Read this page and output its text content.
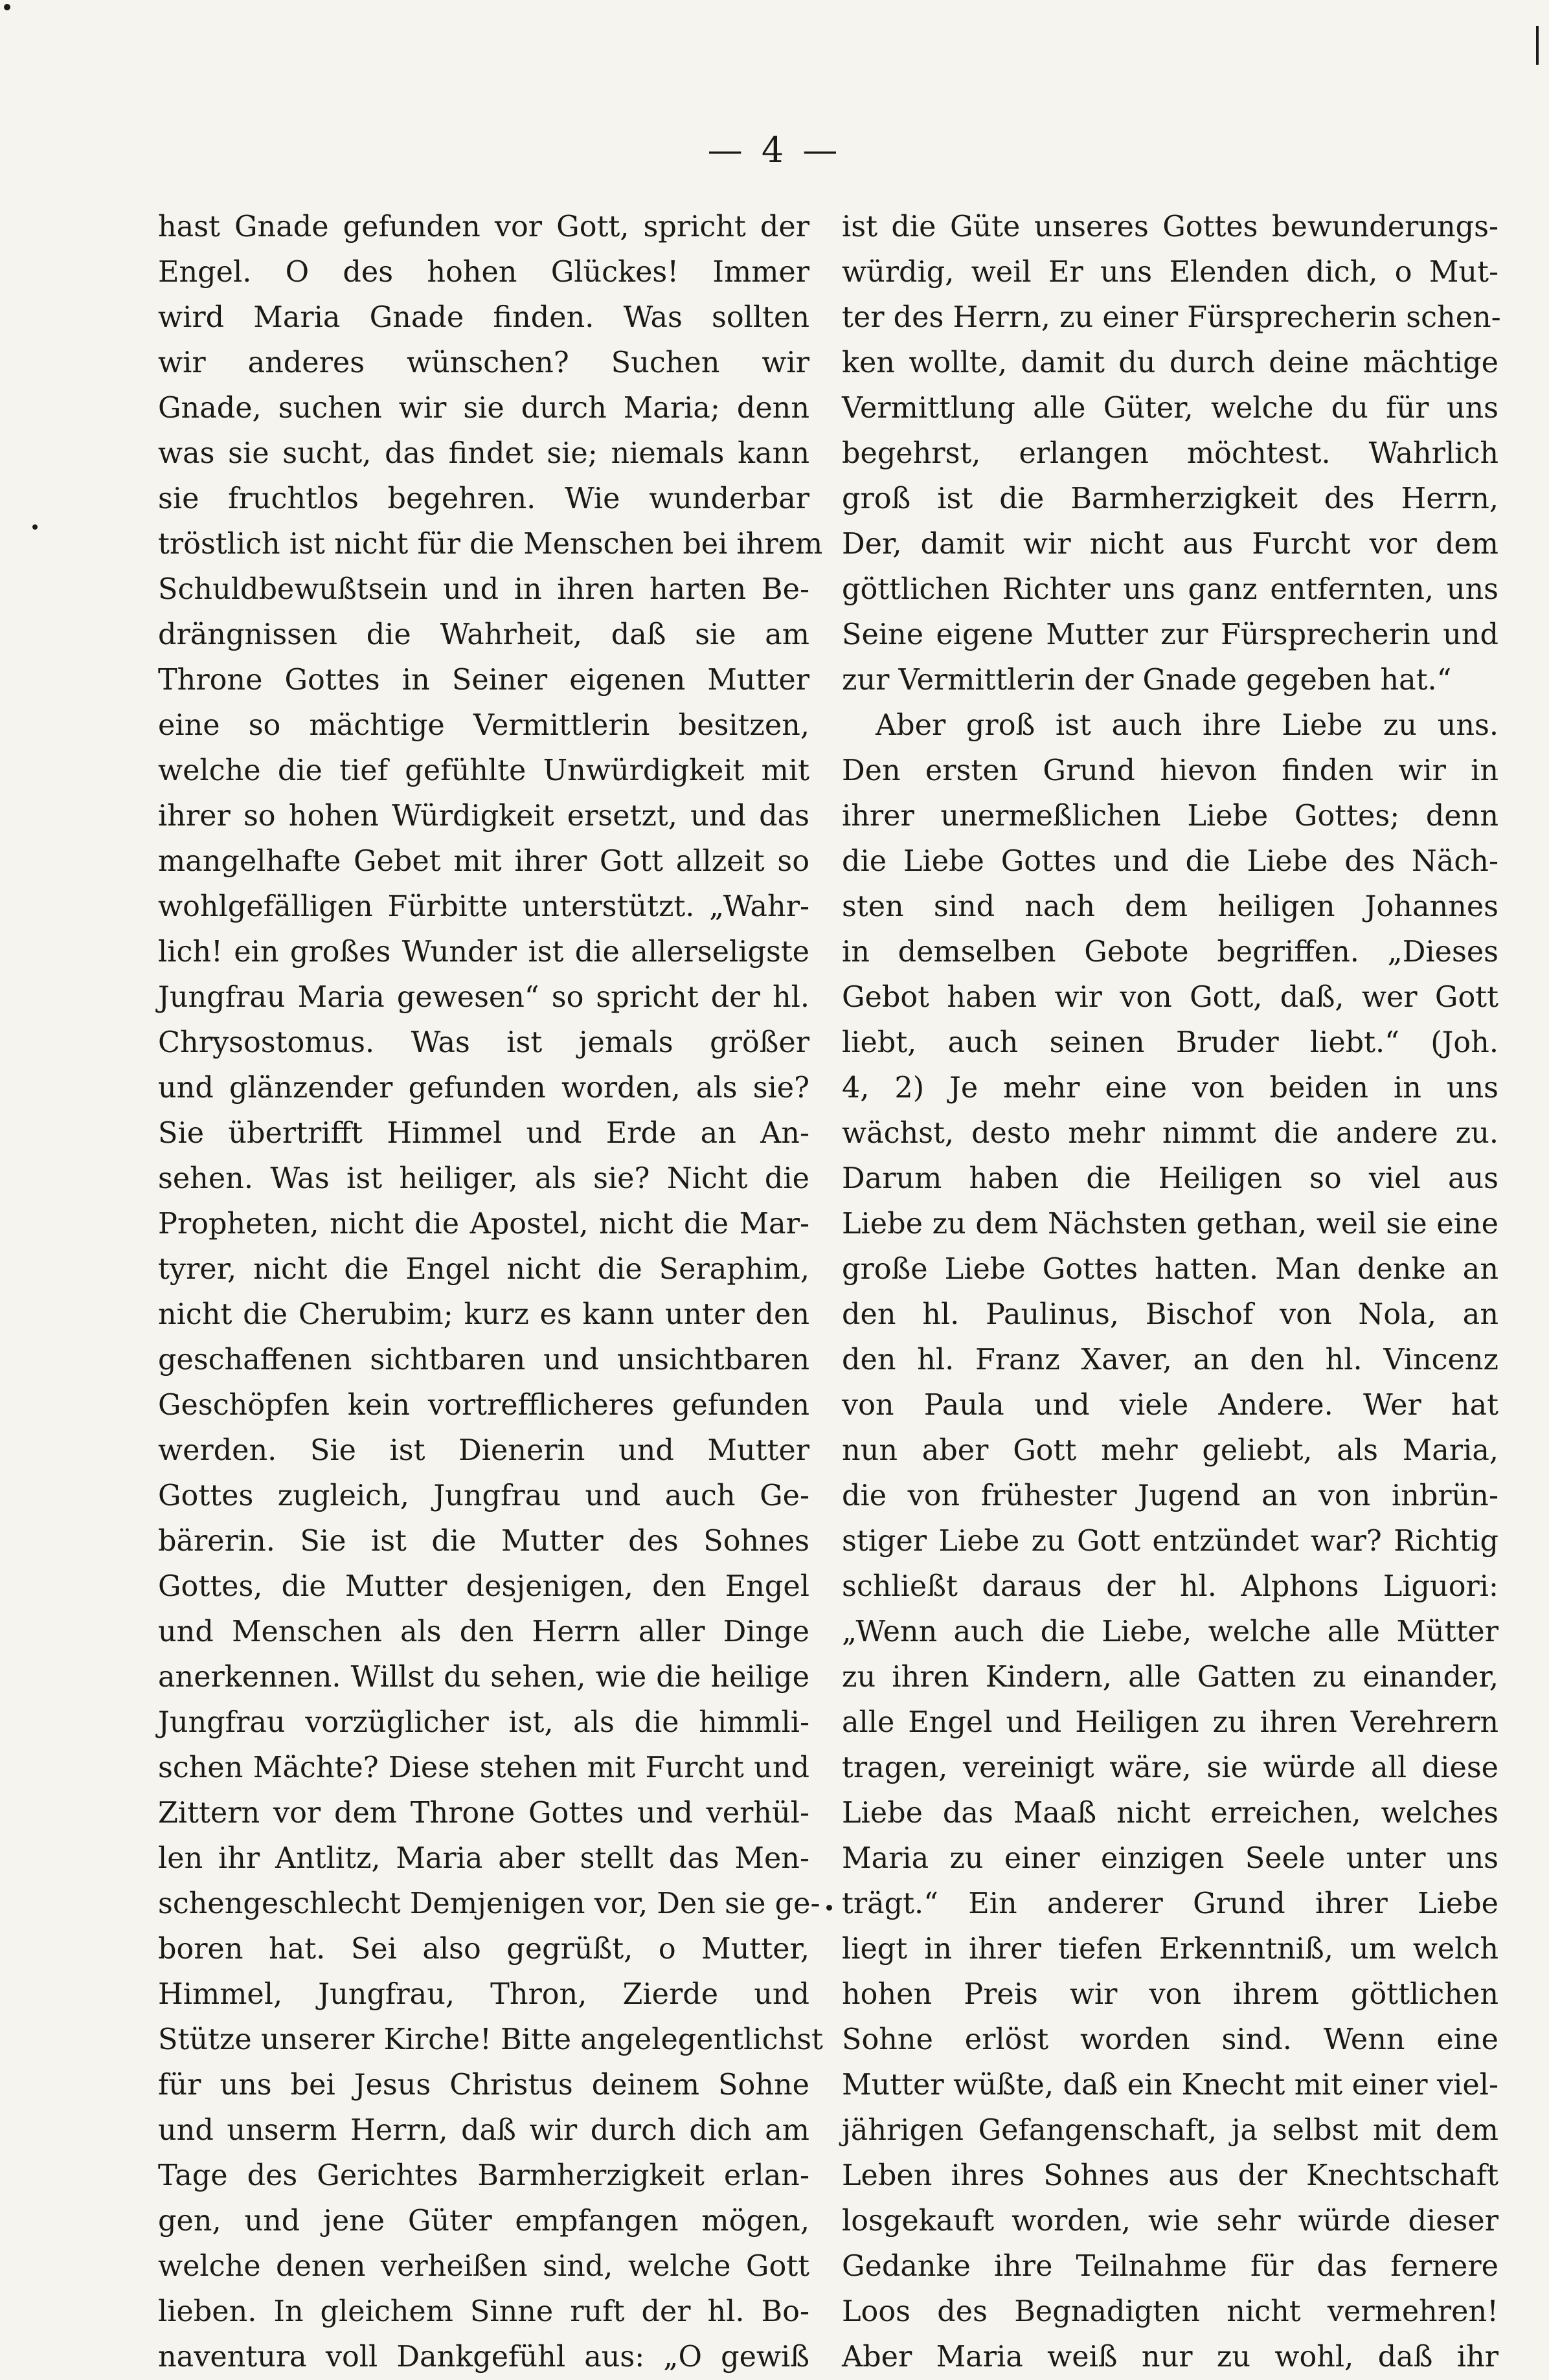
— 4 —
hast Gnade gefunden vor Gott, spricht der
Engel. O des hohen Glückes! Immer
wird Maria Gnade finden. Was sollten
wir anderes wünschen? Suchen wir
Gnade, suchen wir sie durch Maria; denn
was sie sucht, das findet sie; niemals kann
sie fruchtlos begehren. Wie wunderbar
tröstlich ist nicht für die Menschen bei ihrem
Schuldbewußtsein und in ihren harten Be-
drängnissen die Wahrheit, daß sie am
Throne Gottes in Seiner eigenen Mutter
eine so mächtige Vermittlerin besitzen,
welche die tief gefühlte Unwürdigkeit mit
ihrer so hohen Würdigkeit ersetzt, und das
mangelhafte Gebet mit ihrer Gott allzeit so
wohlgefälligen Fürbitte unterstützt. „Wahr-
lich! ein großes Wunder ist die allerseligste
Jungfrau Maria gewesen“ so spricht der hl.
Chrysostomus. Was ist jemals größer
und glänzender gefunden worden, als sie?
Sie übertrifft Himmel und Erde an An-
sehen. Was ist heiliger, als sie? Nicht die
Propheten, nicht die Apostel, nicht die Mar-
tyrer, nicht die Engel nicht die Seraphim,
nicht die Cherubim; kurz es kann unter den
geschaffenen sichtbaren und unsichtbaren
Geschöpfen kein vortrefflicheres gefunden
werden. Sie ist Dienerin und Mutter
Gottes zugleich, Jungfrau und auch Ge-
bärerin. Sie ist die Mutter des Sohnes
Gottes, die Mutter desjenigen, den Engel
und Menschen als den Herrn aller Dinge
anerkennen. Willst du sehen, wie die heilige
Jungfrau vorzüglicher ist, als die himmli-
schen Mächte? Diese stehen mit Furcht und
Zittern vor dem Throne Gottes und verhül-
len ihr Antlitz, Maria aber stellt das Men-
schengeschlecht Demjenigen vor, Den sie ge-
boren hat. Sei also gegrüßt, o Mutter,
Himmel, Jungfrau, Thron, Zierde und
Stütze unserer Kirche! Bitte angelegentlichst
für uns bei Jesus Christus deinem Sohne
und unserm Herrn, daß wir durch dich am
Tage des Gerichtes Barmherzigkeit erlan-
gen, und jene Güter empfangen mögen,
welche denen verheißen sind, welche Gott
lieben. In gleichem Sinne ruft der hl. Bo-
naventura voll Dankgefühl aus: „O gewiß
ist die Güte unseres Gottes bewunderungs-
würdig, weil Er uns Elenden dich, o Mut-
ter des Herrn, zu einer Fürsprecherin schen-
ken wollte, damit du durch deine mächtige
Vermittlung alle Güter, welche du für uns
begehrst, erlangen möchtest. Wahrlich
groß ist die Barmherzigkeit des Herrn,
Der, damit wir nicht aus Furcht vor dem
göttlichen Richter uns ganz entfernten, uns
Seine eigene Mutter zur Fürsprecherin und
zur Vermittlerin der Gnade gegeben hat.“
Aber groß ist auch ihre Liebe zu uns.
Den ersten Grund hievon finden wir in
ihrer unermeßlichen Liebe Gottes; denn
die Liebe Gottes und die Liebe des Näch-
sten sind nach dem heiligen Johannes
in demselben Gebote begriffen. „Dieses
Gebot haben wir von Gott, daß, wer Gott
liebt, auch seinen Bruder liebt.“ (Joh.
4, 2) Je mehr eine von beiden in uns
wächst, desto mehr nimmt die andere zu.
Darum haben die Heiligen so viel aus
Liebe zu dem Nächsten gethan, weil sie eine
große Liebe Gottes hatten. Man denke an
den hl. Paulinus, Bischof von Nola, an
den hl. Franz Xaver, an den hl. Vincenz
von Paula und viele Andere. Wer hat
nun aber Gott mehr geliebt, als Maria,
die von frühester Jugend an von inbrün-
stiger Liebe zu Gott entzündet war? Richtig
schließt daraus der hl. Alphons Liguori:
„Wenn auch die Liebe, welche alle Mütter
zu ihren Kindern, alle Gatten zu einander,
alle Engel und Heiligen zu ihren Verehrern
tragen, vereinigt wäre, sie würde all diese
Liebe das Maaß nicht erreichen, welches
Maria zu einer einzigen Seele unter uns
trägt.“ Ein anderer Grund ihrer Liebe
liegt in ihrer tiefen Erkenntniß, um welch
hohen Preis wir von ihrem göttlichen
Sohne erlöst worden sind. Wenn eine
Mutter wüßte, daß ein Knecht mit einer viel-
jährigen Gefangenschaft, ja selbst mit dem
Leben ihres Sohnes aus der Knechtschaft
losgekauft worden, wie sehr würde dieser
Gedanke ihre Teilnahme für das fernere
Loos des Begnadigten nicht vermehren!
Aber Maria weiß nur zu wohl, daß ihr
